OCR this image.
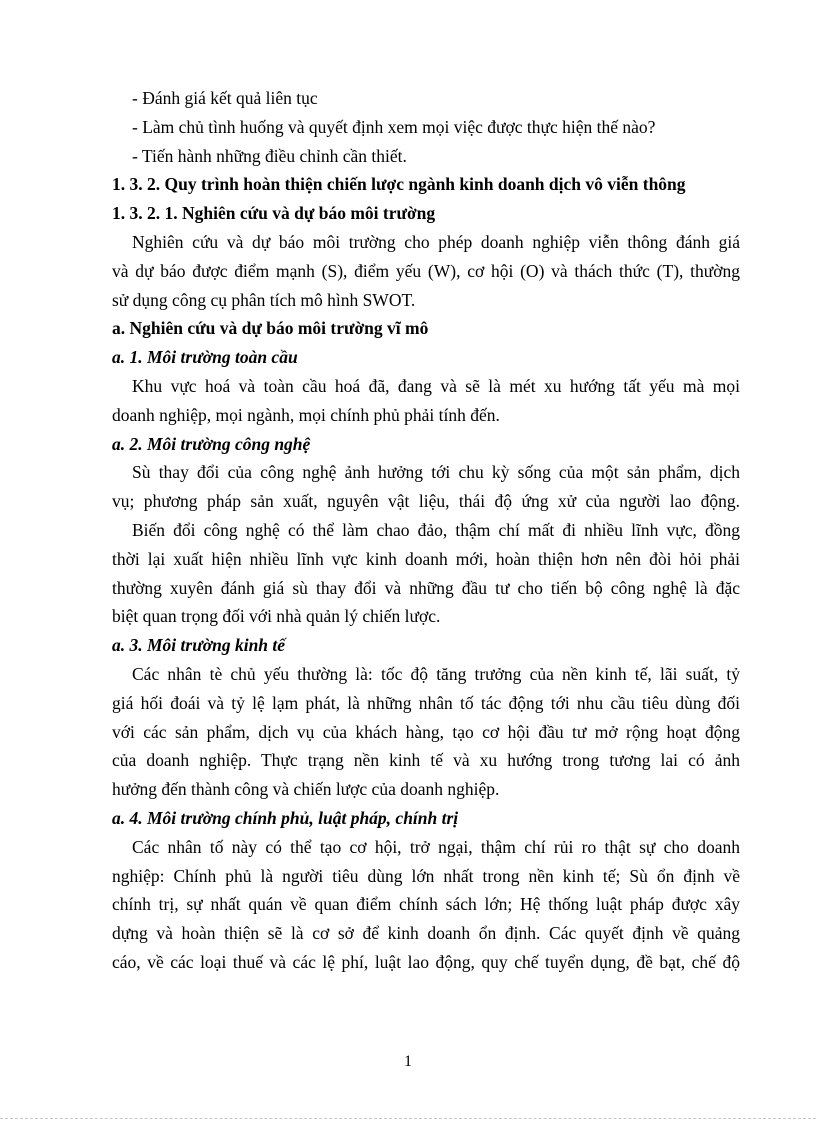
- Đánh giá kết quả liên tục
- Làm chủ tình huống và quyết định xem mọi việc được thực hiện thế nào?
- Tiến hành những điều chỉnh cần thiết.
1. 3. 2. Quy trình hoàn thiện chiến lược ngành kinh doanh dịch vô viễn thông
1. 3. 2. 1. Nghiên cứu và dự báo môi trường
Nghiên cứu và dự báo môi trường cho phép doanh nghiệp viễn thông đánh giá
và dự báo được điểm mạnh (S), điểm yếu (W), cơ hội (O) và thách thức (T), thường
sử dụng công cụ phân tích mô hình SWOT.
a. Nghiên cứu và dự báo môi trường vĩ mô
a. 1. Môi trường toàn cầu
Khu vực hoá và toàn cầu hoá đã, đang và sẽ là mét xu hướng tất yếu mà mọi
doanh nghiệp, mọi ngành, mọi chính phủ phải tính đến.
a. 2. Môi trường công nghệ
Sù thay đổi của công nghệ ảnh hưởng tới chu kỳ sống của một sản phẩm, dịch
vụ; phương pháp sản xuất, nguyên vật liệu, thái độ ứng xử của người lao động.
Biến đổi công nghệ có thể làm chao đảo, thậm chí mất đi nhiều lĩnh vực, đồng
thời lại xuất hiện nhiều lĩnh vực kinh doanh mới, hoàn thiện hơn nên đòi hỏi phải
thường xuyên đánh giá sù thay đổi và những đầu tư cho tiến bộ công nghệ là đặc
biệt quan trọng đối với nhà quản lý chiến lược.
a. 3. Môi trường kinh tế
Các nhân tè chủ yếu thường là: tốc độ tăng trưởng của nền kinh tế, lãi suất, tỷ
giá hối đoái và tỷ lệ lạm phát, là những nhân tố tác động tới nhu cầu tiêu dùng đối
với các sản phẩm, dịch vụ của khách hàng, tạo cơ hội đầu tư mở rộng hoạt động
của doanh nghiệp. Thực trạng nền kinh tế và xu hướng trong tương lai có ảnh
hưởng đến thành công và chiến lược của doanh nghiệp.
a. 4. Môi trường chính phủ, luật pháp, chính trị
Các nhân tố này có thể tạo cơ hội, trở ngại, thậm chí rủi ro thật sự cho doanh
nghiệp: Chính phủ là người tiêu dùng lớn nhất trong nền kinh tế; Sù ổn định về
chính trị, sự nhất quán về quan điểm chính sách lớn; Hệ thống luật pháp được xây
dựng và hoàn thiện sẽ là cơ sở để kinh doanh ổn định. Các quyết định về quảng
cáo, về các loại thuế và các lệ phí, luật lao động, quy chế tuyển dụng, đề bạt, chế độ
1
